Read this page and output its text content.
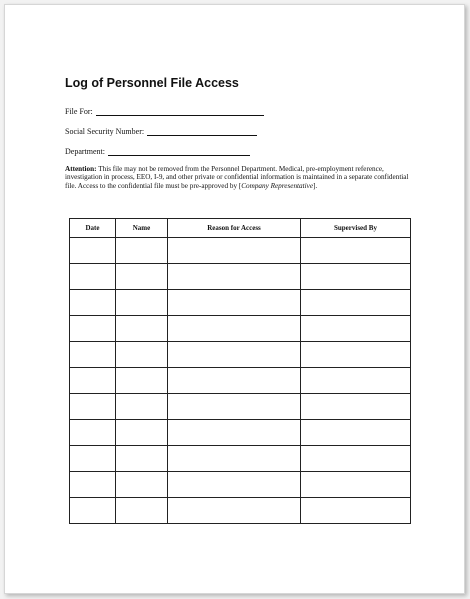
Log of Personnel File Access
File For:
Social Security Number:
Department:
Attention: This file may not be removed from the Personnel Department. Medical, pre-employment reference, investigation in process, EEO, I-9, and other private or confidential information is maintained in a separate confidential file. Access to the confidential file must be pre-approved by [Company Representative].
Date	Name	Reason for Access	Supervised By
